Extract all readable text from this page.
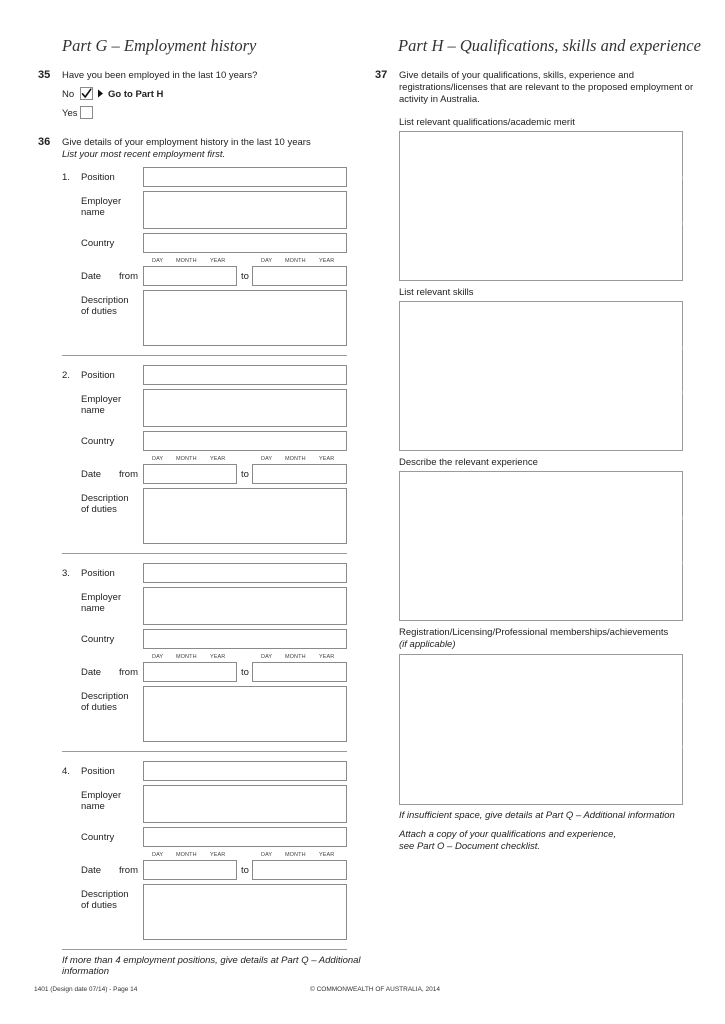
Part G – Employment history
35 Have you been employed in the last 10 years?
No	Go to Part H
Yes
36 Give details of your employment history in the last 10 years
List your most recent employment first.
1. Position
Employer
name
Country
DAY MONTH YEAR	DAY MONTH YEAR
Date from	to
Description
of duties
2. Position
Employer
name
Country
DAY MONTH YEAR	DAY MONTH YEAR
Date from	to
Description
of duties
3. Position
Employer
name
Country
DAY MONTH YEAR	DAY MONTH YEAR
Date from	to
Description
of duties
4. Position
Employer
name
Country
DAY MONTH YEAR	DAY MONTH YEAR
Date from	to
Description
of duties
If more than 4 employment positions, give details at Part Q – Additional
information
Part H – Qualifications, skills and experience
37 Give details of your qualifications, skills, experience and
registrations/licenses that are relevant to the proposed employment or
activity in Australia.
List relevant qualifications/academic merit
List relevant skills
Describe the relevant experience
Registration/Licensing/Professional memberships/achievements
(if applicable)
If insufficient space, give details at Part Q – Additional information
Attach a copy of your qualifications and experience,
see Part O – Document checklist.
1401 (Design date 07/14) - Page 14	© COMMONWEALTH OF AUSTRALIA, 2014
